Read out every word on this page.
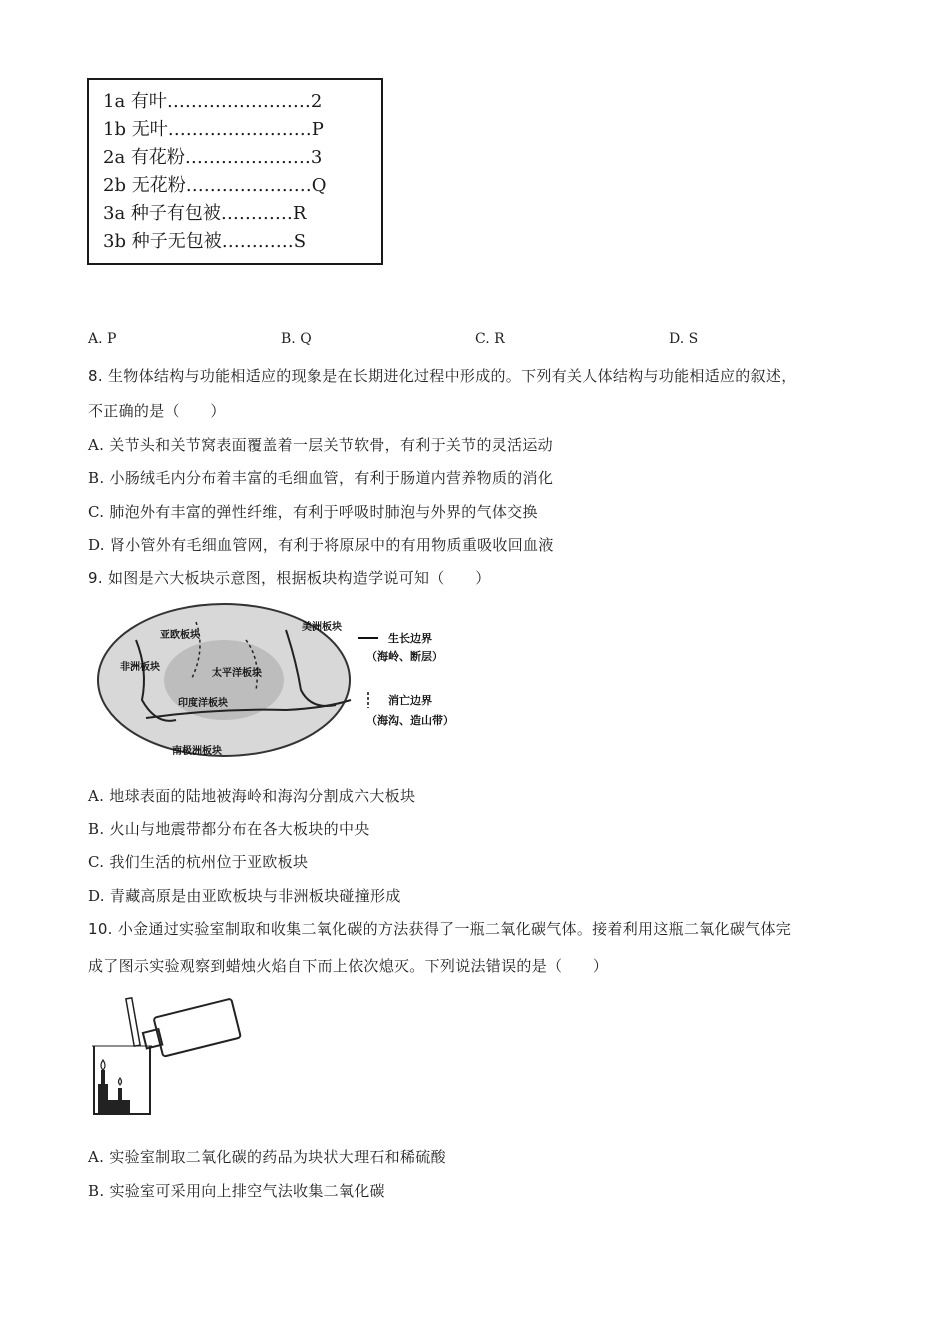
1a 有叶……………………2
1b 无叶……………………P
2a 有花粉…………………3
2b 无花粉…………………Q
3a 种子有包被…………R
3b 种子无包被…………S
A. P	B. Q	C. R	D. S
8. 生物体结构与功能相适应的现象是在长期进化过程中形成的。下列有关人体结构与功能相适应的叙述，
不正确的是（　　）
A. 关节头和关节窝表面覆盖着一层关节软骨，有利于关节的灵活运动
B. 小肠绒毛内分布着丰富的毛细血管，有利于肠道内营养物质的消化
C. 肺泡外有丰富的弹性纤维，有利于呼吸时肺泡与外界的气体交换
D. 肾小管外有毛细血管网，有利于将原尿中的有用物质重吸收回血液
9. 如图是六大板块示意图，根据板块构造学说可知（　　）
亚欧板块
美洲板块
太平洋板块
非洲板块
印度洋板块
南极洲板块
生长边界
（海岭、断层）
消亡边界
（海沟、造山带）
A. 地球表面的陆地被海岭和海沟分割成六大板块
B. 火山与地震带都分布在各大板块的中央
C. 我们生活的杭州位于亚欧板块
D. 青藏高原是由亚欧板块与非洲板块碰撞形成
10. 小金通过实验室制取和收集二氧化碳的方法获得了一瓶二氧化碳气体。接着利用这瓶二氧化碳气体完
成了图示实验观察到蜡烛火焰自下而上依次熄灭。下列说法错误的是（　　）
A. 实验室制取二氧化碳的药品为块状大理石和稀硫酸
B. 实验室可采用向上排空气法收集二氧化碳
